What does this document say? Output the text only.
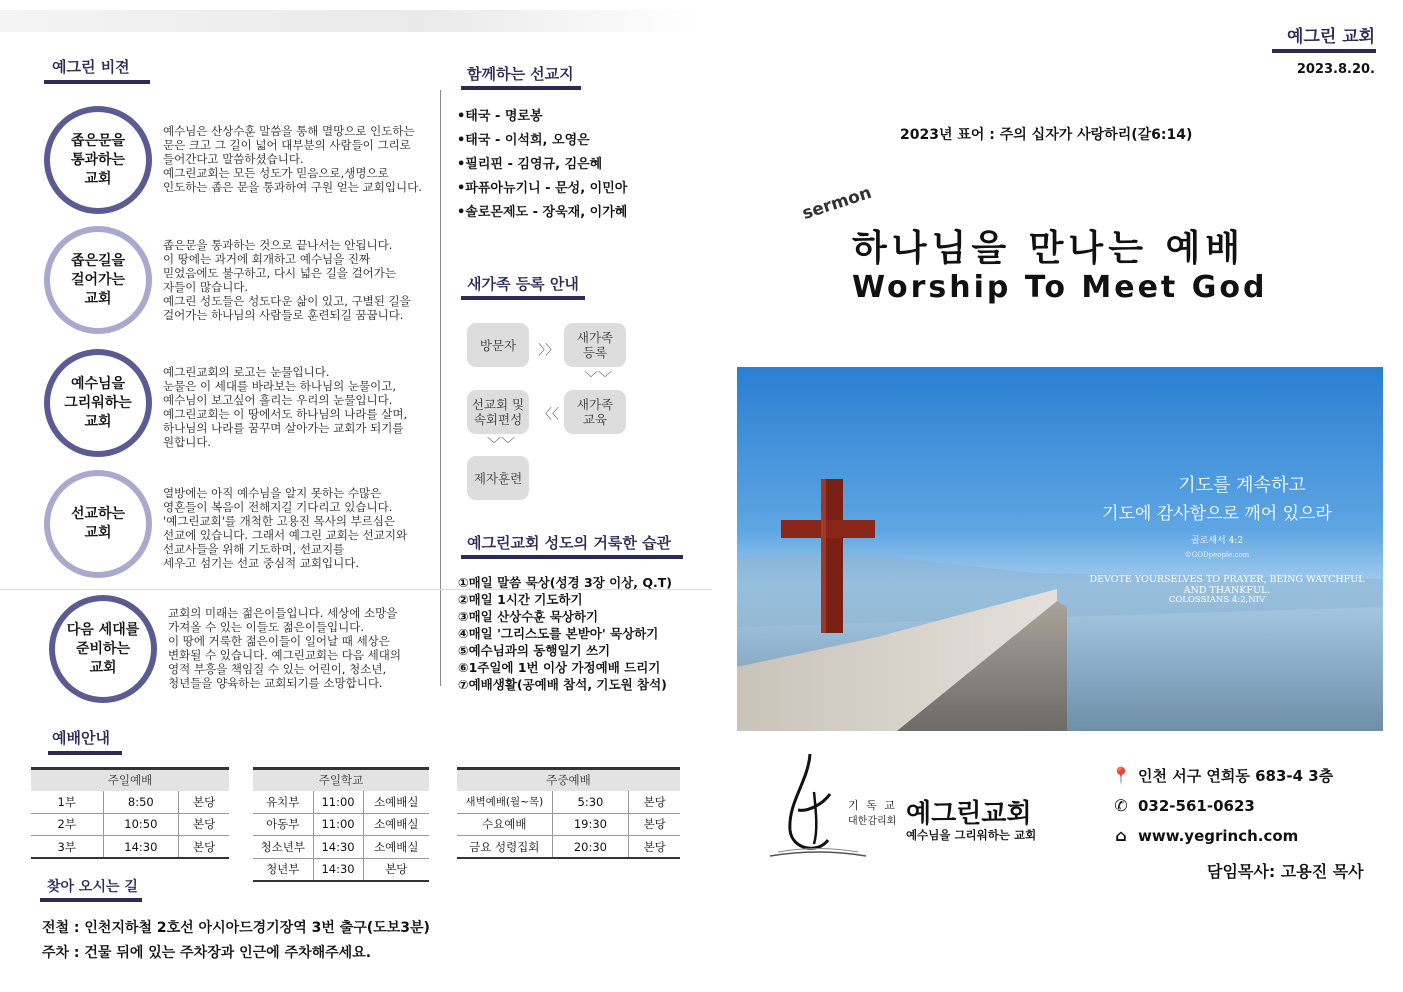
예그린 비젼
좁은문을
통과하는
교회
예수님은 산상수훈 말씀을 통해 멸망으로 인도하는
문은 크고 그 길이 넓어 대부분의 사람들이 그리로
들어간다고 말씀하셨습니다.
예그린교회는 모든 성도가 믿음으로,생명으로
인도하는 좁은 문을 통과하여 구원 얻는 교회입니다.
좁은길을
걸어가는
교회
좁은문을 통과하는 것으로 끝나서는 안됩니다.
이 땅에는 과거에 회개하고 예수님을 진짜
믿었음에도 불구하고, 다시 넓은 길을 걸어가는
자들이 많습니다.
예그린 성도들은 성도다운 삶이 있고, 구별된 길을
걸어가는 하나님의 사람들로 훈련되길 꿈꿉니다.
예수님을
그리워하는
교회
예그린교회의 로고는 눈물입니다.
눈물은 이 세대를 바라보는 하나님의 눈물이고,
예수님이 보고싶어 흘리는 우리의 눈물입니다.
예그린교회는 이 땅에서도 하나님의 나라를 살며,
하나님의 나라를 꿈꾸며 살아가는 교회가 되기를
원합니다.
선교하는
교회
열방에는 아직 예수님을 알지 못하는 수많은
영혼들이 복음이 전해지길 기다리고 있습니다.
'예그린교회'를 개척한 고용진 목사의 부르심은
선교에 있습니다. 그래서 예그린 교회는 선교지와
선교사들을 위해 기도하며, 선교지를
세우고 섬기는 선교 중심적 교회입니다.
다음 세대를
준비하는
교회
교회의 미래는 젊은이들입니다. 세상에 소망을
가져올 수 있는 이들도 젊은이들입니다.
이 땅에 거룩한 젊은이들이 일어날 때 세상은
변화될 수 있습니다. 예그린교회는 다음 세대의
영적 부흥을 책임질 수 있는 어린이, 청소년,
청년들을 양육하는 교회되기를 소망합니다.
함께하는 선교지
•태국 - 명로봉
•태국 - 이석희, 오영은
•필리핀 - 김영규, 김은혜
•파퓨아뉴기니 - 문성, 이민아
•솔로몬제도 - 장욱재, 이가혜
새가족 등록 안내
방문자	〉〉
새가족
등록
﹀﹀
새가족
교육
〈〈
선교회 및
속회편성
﹀﹀
제자훈련
예그린교회 성도의 거룩한 습관
①매일 말씀 묵상(성경 3장 이상, Q.T)
②매일 1시간 기도하기
③매일 산상수훈 묵상하기
④매일 '그리스도를 본받아' 묵상하기
⑤예수님과의 동행일기 쓰기
⑥1주일에 1번 이상 가정예배 드리기
⑦예배생활(공예배 참석, 기도원 참석)
예배안내
주일예배		
1부	8:50	본당
2부	10:50	본당
3부	14:30	본당
주일학교		
유치부	11:00	소예배실
아동부	11:00	소예배실
청소년부	14:30	소예배실
청년부	14:30	본당
주중예배		
새벽예배(월~목)	5:30	본당
수요예배	19:30	본당
금요 성령집회	20:30	본당
찾아 오시는 길
전철 : 인천지하철 2호선 아시아드경기장역 3번 출구(도보3분)
주차 : 건물 뒤에 있는 주차장과 인근에 주차해주세요.
예그린 교회
2023.8.20.
2023년 표어 : 주의 십자가 사랑하리(갈6:14)
sermon
하나님을 만나는 예배
Worship To Meet God
기도를 계속하고
기도에 감사함으로 깨어 있으라
골로새서 4:2
©GODpeople.com
DEVOTE YOURSELVES TO PRAYER, BEING WATCHFUL AND THANKFUL.
COLOSSIANS 4:2,NIV
기 독 교
대한감리회 예그린교회
예수님을 그리워하는 교회
📍 인천 서구 연희동 683-4 3층
✆ 032-561-0623
⌂ www.yegrinch.com
담임목사: 고용진 목사
